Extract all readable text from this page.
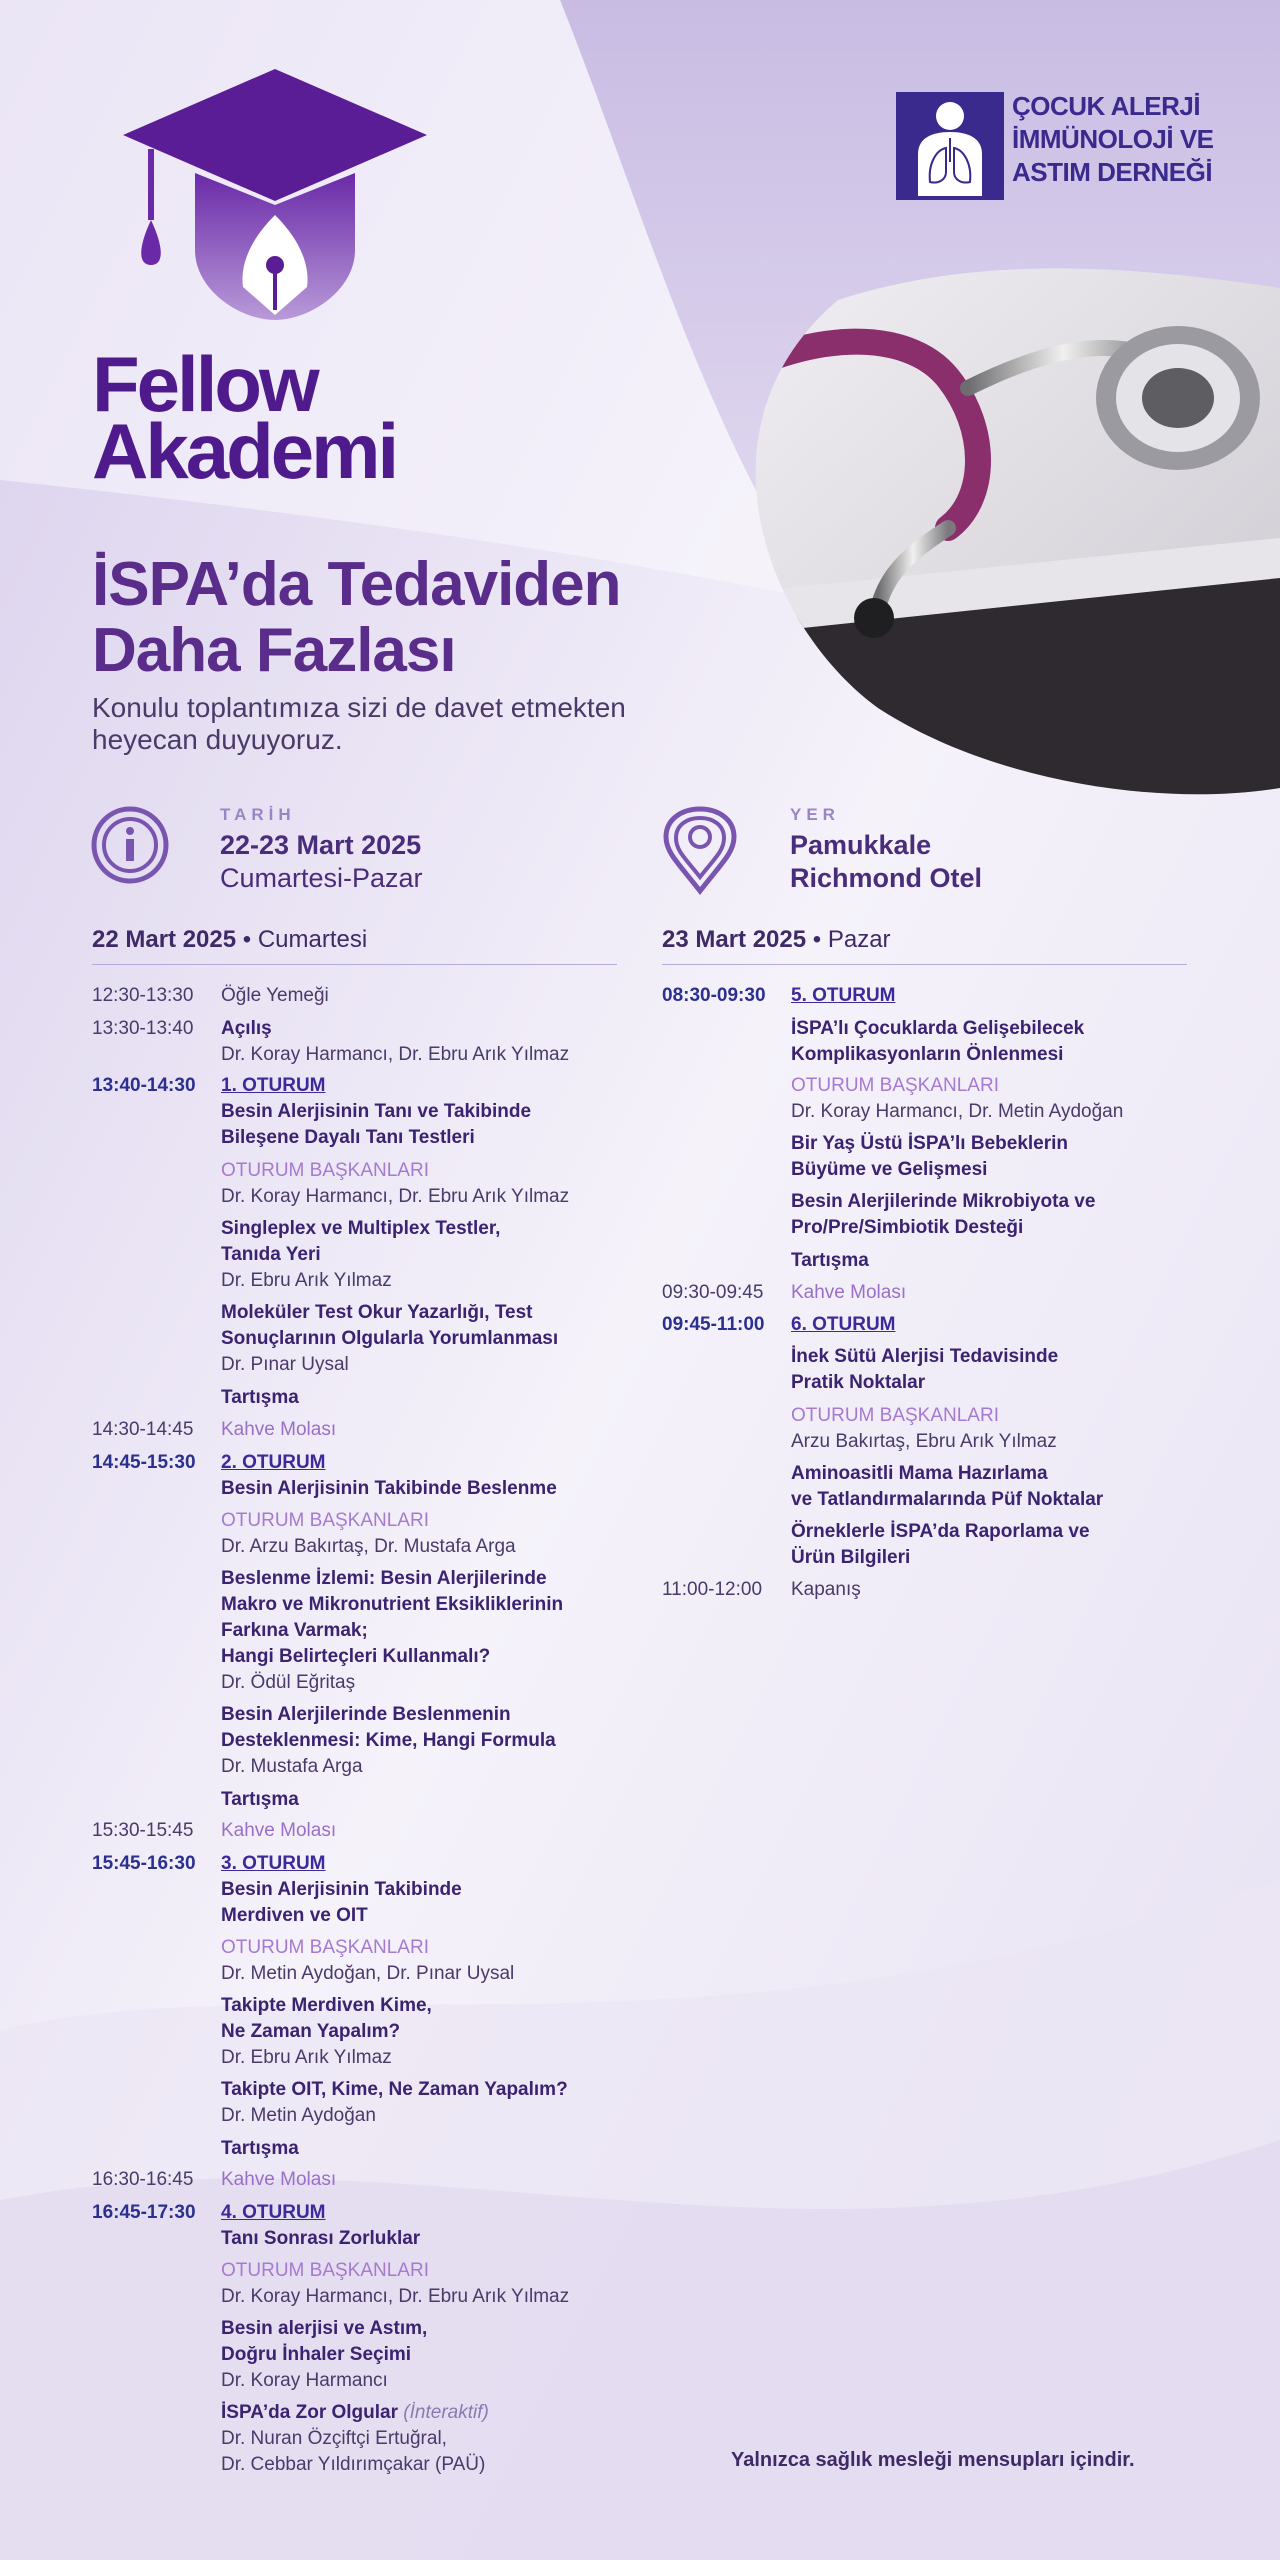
Fellow
Akademi
ÇOCUK ALERJİ
İMMÜNOLOJİ VE
ASTIM DERNEĞİ
İSPA’da Tedaviden
Daha Fazlası
Konulu toplantımıza sizi de davet etmekten heyecan duyuyoruz.
TARİH
22-23 Mart 2025
Cumartesi-Pazar
YER
Pamukkale
Richmond Otel
22 Mart 2025 • Cumartesi	23 Mart 2025 • Pazar
12:30-13:30 Öğle Yemeği
13:30-13:40 Açılış
Dr. Koray Harmancı, Dr. Ebru Arık Yılmaz
13:40-14:30 1. OTURUM
Besin Alerjisinin Tanı ve Takibinde
Bileşene Dayalı Tanı Testleri
OTURUM BAŞKANLARI
Dr. Koray Harmancı, Dr. Ebru Arık Yılmaz
Singleplex ve Multiplex Testler,
Tanıda Yeri
Dr. Ebru Arık Yılmaz
Moleküler Test Okur Yazarlığı, Test
Sonuçlarının Olgularla Yorumlanması
Dr. Pınar Uysal
Tartışma
14:30-14:45 Kahve Molası
14:45-15:30 2. OTURUM
Besin Alerjisinin Takibinde Beslenme
OTURUM BAŞKANLARI
Dr. Arzu Bakırtaş, Dr. Mustafa Arga
Beslenme İzlemi: Besin Alerjilerinde
Makro ve Mikronutrient Eksikliklerinin
Farkına Varmak;
Hangi Belirteçleri Kullanmalı?
Dr. Ödül Eğritaş
Besin Alerjilerinde Beslenmenin
Desteklenmesi: Kime, Hangi Formula
Dr. Mustafa Arga
Tartışma
15:30-15:45 Kahve Molası
15:45-16:30 3. OTURUM
Besin Alerjisinin Takibinde
Merdiven ve OIT
OTURUM BAŞKANLARI
Dr. Metin Aydoğan, Dr. Pınar Uysal
Takipte Merdiven Kime,
Ne Zaman Yapalım?
Dr. Ebru Arık Yılmaz
Takipte OIT, Kime, Ne Zaman Yapalım?
Dr. Metin Aydoğan
Tartışma
16:30-16:45 Kahve Molası
16:45-17:30 4. OTURUM
Tanı Sonrası Zorluklar
OTURUM BAŞKANLARI
Dr. Koray Harmancı, Dr. Ebru Arık Yılmaz
Besin alerjisi ve Astım,
Doğru İnhaler Seçimi
Dr. Koray Harmancı
İSPA’da Zor Olgular (İnteraktif)
Dr. Nuran Özçiftçi Ertuğral,
Dr. Cebbar Yıldırımçakar (PAÜ)
08:30-09:30 5. OTURUM
İSPA’lı Çocuklarda Gelişebilecek
Komplikasyonların Önlenmesi
OTURUM BAŞKANLARI
Dr. Koray Harmancı, Dr. Metin Aydoğan
Bir Yaş Üstü İSPA’lı Bebeklerin
Büyüme ve Gelişmesi
Besin Alerjilerinde Mikrobiyota ve
Pro/Pre/Simbiotik Desteği
Tartışma
09:30-09:45 Kahve Molası
09:45-11:00 6. OTURUM
İnek Sütü Alerjisi Tedavisinde
Pratik Noktalar
OTURUM BAŞKANLARI
Arzu Bakırtaş, Ebru Arık Yılmaz
Aminoasitli Mama Hazırlama
ve Tatlandırmalarında Püf Noktalar
Örneklerle İSPA’da Raporlama ve
Ürün Bilgileri
11:00-12:00 Kapanış
Yalnızca sağlık mesleği mensupları içindir.
